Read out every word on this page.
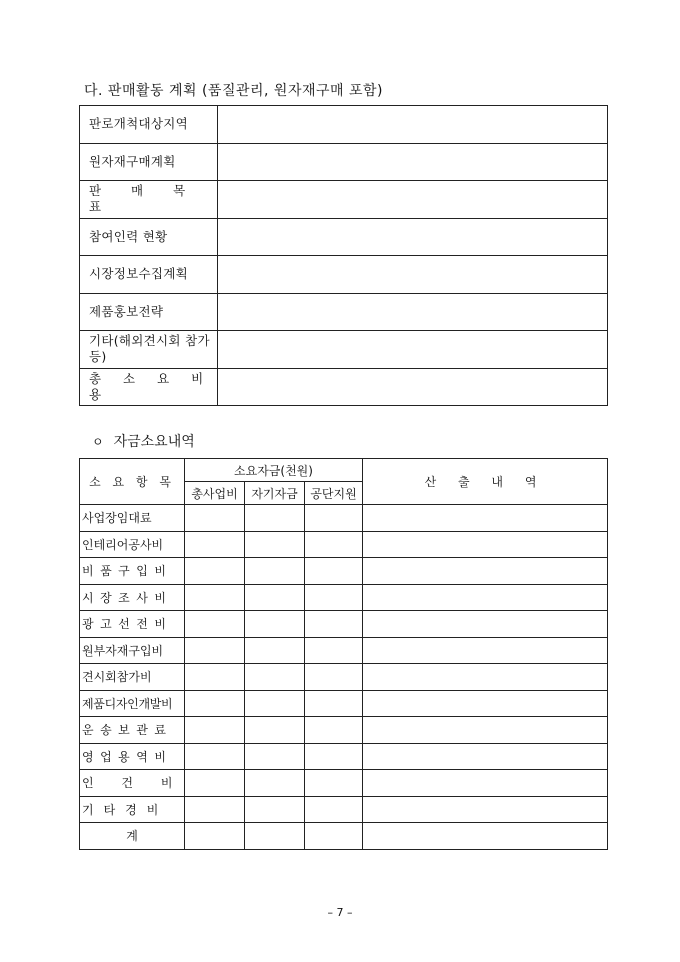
다. 판매활동 계획 (품질관리, 원자재구매 포함)
판로개척대상지역	
원자재구매계획	
판 매 목 표	
참여인력 현황	
시장정보수집계획	
제품홍보전략	
기타(해외견시회 참가 등)	
총 소 요 비 용	
ㅇ 자금소요내역
소 요 항 목	소요자금(천원)			산 출 내 역
	총사업비	자기자금	공단지원	
사업장임대료				
인테리어공사비				
비품구입비				
시장조사비				
광고선전비				
원부자재구입비				
견시회참가비				
제품디자인개발비				
운송보관료				
영업용역비				
인 건 비				
기타경비				
계				
– 7 –
